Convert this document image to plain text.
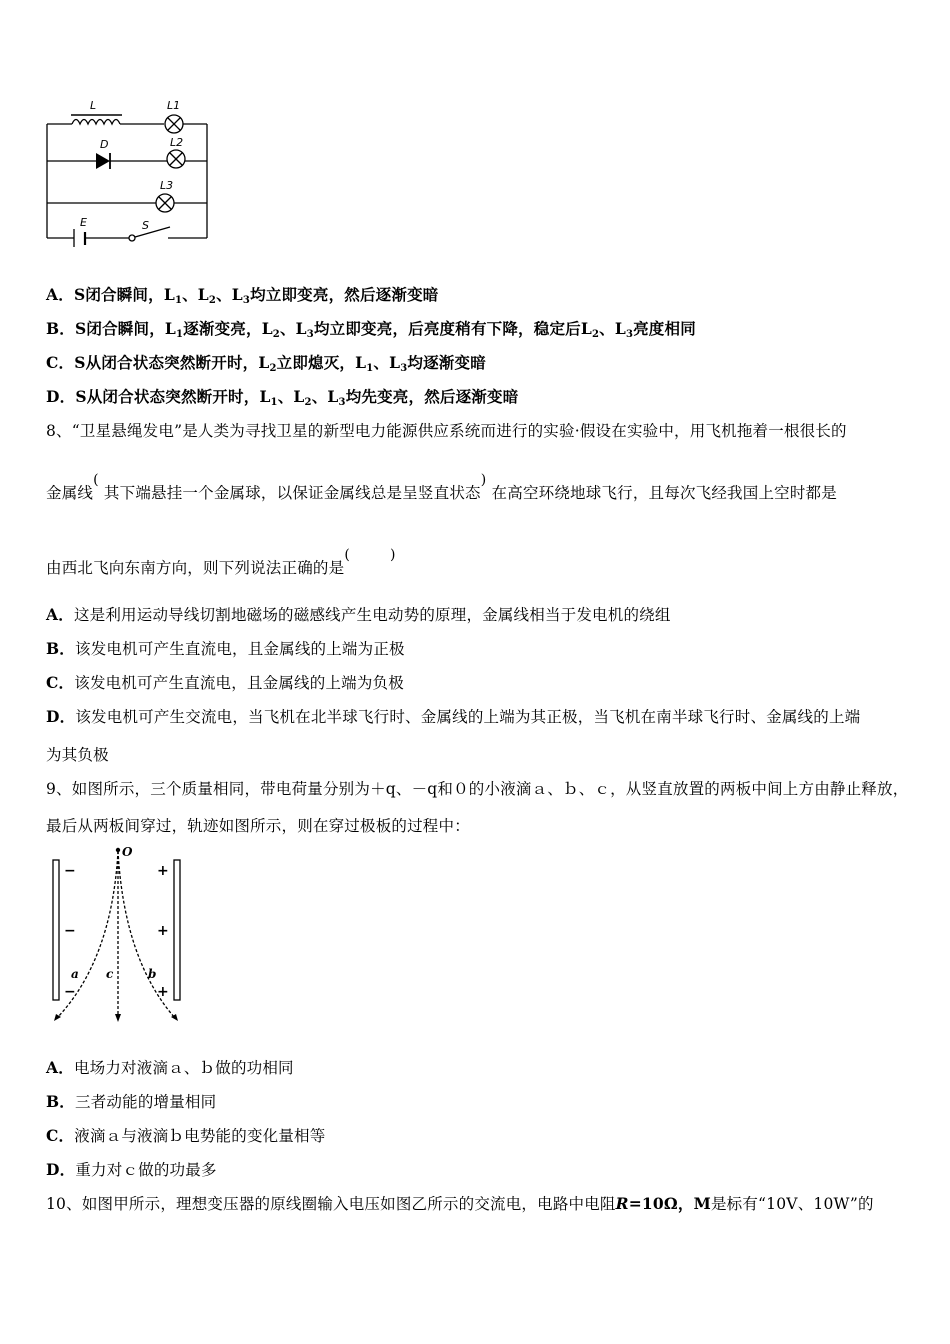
L	L1
D	L2
L3
E	S
A．S闭合瞬间，$L_1$、$L_2$、$L_3$均立即变亮，然后逐渐变暗
B．S闭合瞬间，$L_1$逐渐变亮，$L_2$、$L_3$均立即变亮，后亮度稍有下降，稳定后$L_2$、$L_3$亮度相同
C．S从闭合状态突然断开时，$L_2$立即熄灭，$L_1$、$L_3$均逐渐变暗
D．S从闭合状态突然断开时，$L_1$、$L_2$、$L_3$均先变亮，然后逐渐变暗
8、“卫星悬绳发电”是人类为寻找卫星的新型电力能源供应系统而进行的实验·假设在实验中，用飞机拖着一根很长的
金属线( 其下端悬挂一个金属球，以保证金属线总是呈竖直状态) 在高空环绕地球飞行，且每次飞经我国上空时都是
由西北飞向东南方向，则下列说法正确的是(	)
A．这是利用运动导线切割地磁场的磁感线产生电动势的原理，金属线相当于发电机的绕组
B．该发电机可产生直流电，且金属线的上端为正极
C．该发电机可产生直流电，且金属线的上端为负极
D．该发电机可产生交流电，当飞机在北半球飞行时、金属线的上端为其正极，当飞机在南半球飞行时、金属线的上端
为其负极
9、如图所示，三个质量相同，带电荷量分别为＋q、－q和０的小液滴ａ、ｂ、ｃ，从竖直放置的两板中间上方由静止释放，
最后从两板间穿过，轨迹如图所示，则在穿过极板的过程中：
O
a c	b
−
−
−
+
+
+
A．电场力对液滴ａ、ｂ做的功相同
B．三者动能的增量相同
C．液滴ａ与液滴ｂ电势能的变化量相等
D．重力对ｃ做的功最多
10、如图甲所示，理想变压器的原线圈输入电压如图乙所示的交流电，电路中电阻R=10Ω，M是标有“10V、10W”的
